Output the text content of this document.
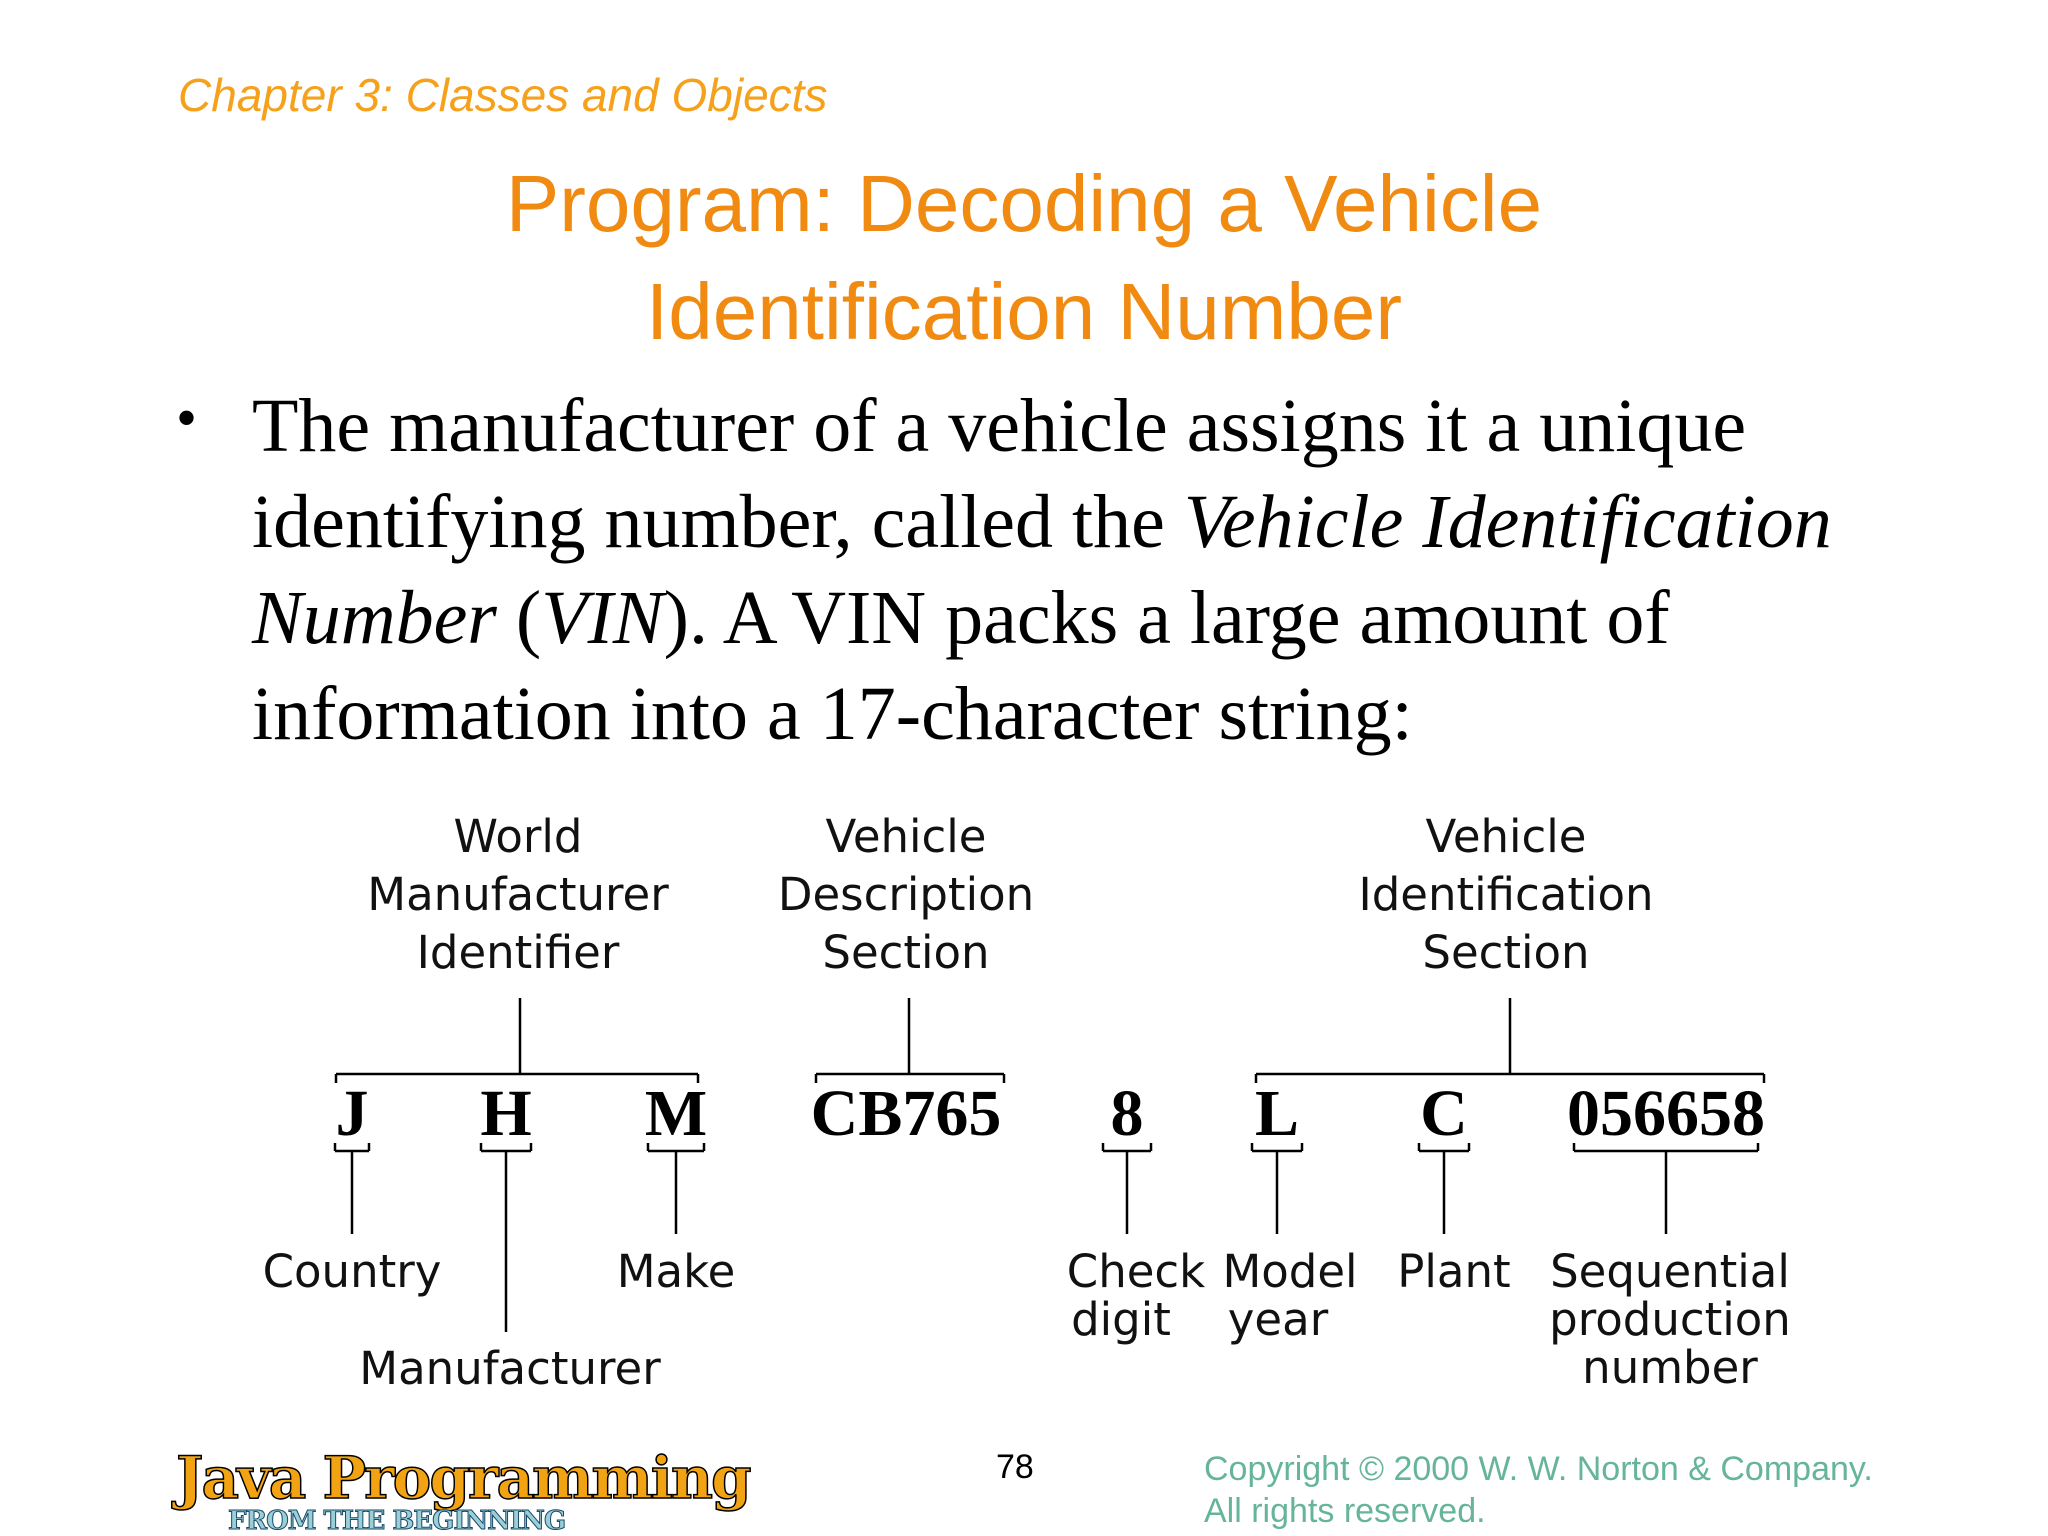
Chapter 3: Classes and Objects
Program: Decoding a Vehicle
Identification Number
• The manufacturer of a vehicle assigns it a unique identifying number, called the Vehicle Identification Number (VIN). A VIN packs a large amount of information into a 17-character string:
World
Manufacturer
Identifier
Vehicle
Description
Section
Vehicle
Identification
Section
J H M CB765 8 L C 056658
Country	Make
Manufacturer
Check
digit
Model
year
Plant Sequential
production
number
Java Programming
FROM THE BEGINNING
78	Copyright © 2000 W. W. Norton & Company.
All rights reserved.
